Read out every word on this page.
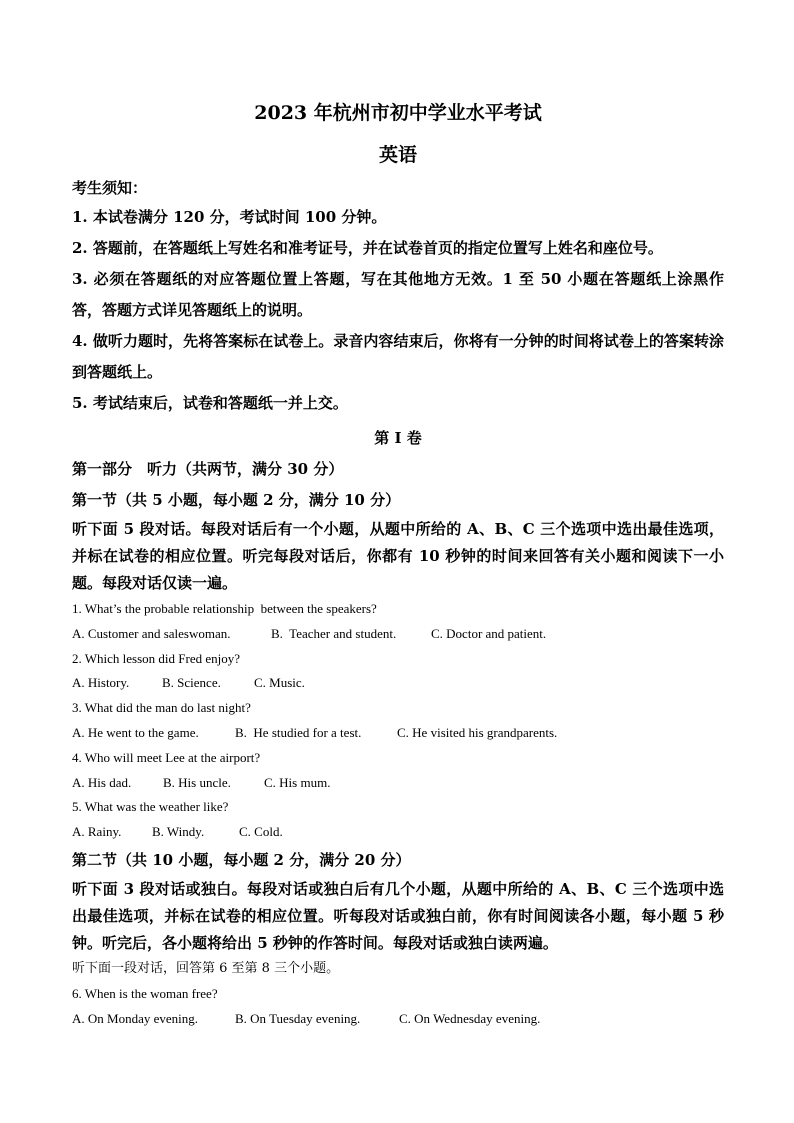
2023 年杭州市初中学业水平考试
英语
考生须知：
1. 本试卷满分 120 分，考试时间 100 分钟。
2. 答题前，在答题纸上写姓名和准考证号，并在试卷首页的指定位置写上姓名和座位号。
3. 必须在答题纸的对应答题位置上答题，写在其他地方无效。1 至 50 小题在答题纸上涂黑作答，答题方式详见答题纸上的说明。
4. 做听力题时，先将答案标在试卷上。录音内容结束后，你将有一分钟的时间将试卷上的答案转涂到答题纸上。
5. 考试结束后，试卷和答题纸一并上交。
第 I 卷
第一部分　听力（共两节，满分 30 分）
第一节（共 5 小题，每小题 2 分，满分 10 分）
听下面 5 段对话。每段对话后有一个小题，从题中所给的 A、B、C 三个选项中选出最佳选项，并标在试卷的相应位置。听完每段对话后，你都有 10 秒钟的时间来回答有关小题和阅读下一小题。每段对话仅读一遍。
1. What’s the probable relationship  between the speakers?
A. Customer and saleswoman.	B.  Teacher and student.	C. Doctor and patient.
2. Which lesson did Fred enjoy?
A. History.	B. Science.	C. Music.
3. What did the man do last night?
A. He went to the game.	B.  He studied for a test.	C. He visited his grandparents.
4. Who will meet Lee at the airport?
A. His dad.	B. His uncle.	C. His mum.
5. What was the weather like?
A. Rainy.	B. Windy.	C. Cold.
第二节（共 10 小题，每小题 2 分，满分 20 分）
听下面 3 段对话或独白。每段对话或独白后有几个小题，从题中所给的 A、B、C 三个选项中选出最佳选项，并标在试卷的相应位置。听每段对话或独白前，你有时间阅读各小题，每小题 5 秒钟。听完后，各小题将给出 5 秒钟的作答时间。每段对话或独白读两遍。
听下面一段对话，回答第 6 至第 8 三个小题。
6. When is the woman free?
A. On Monday evening.	B. On Tuesday evening.	C. On Wednesday evening.
